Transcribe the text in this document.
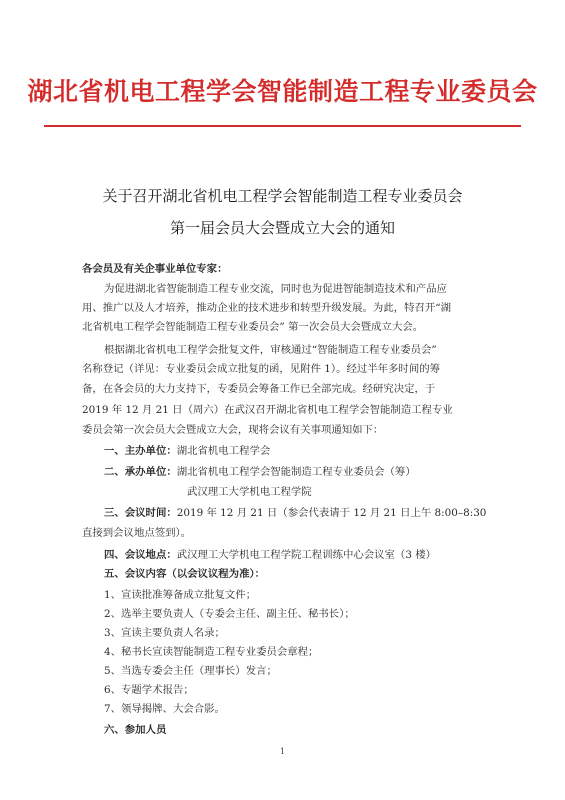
湖北省机电工程学会智能制造工程专业委员会
关于召开湖北省机电工程学会智能制造工程专业委员会
第一届会员大会暨成立大会的通知
各会员及有关企事业单位专家：
为促进湖北省智能制造工程专业交流，同时也为促进智能制造技术和产品应
用、推广以及人才培养，推动企业的技术进步和转型升级发展。为此，特召开“湖
北省机电工程学会智能制造工程专业委员会” 第一次会员大会暨成立大会。
根据湖北省机电工程学会批复文件，审核通过“智能制造工程专业委员会”
名称登记（详见：专业委员会成立批复的函，见附件 1）。经过半年多时间的筹
备，在各会员的大力支持下，专委员会筹备工作已全部完成。经研究决定，于
2019 年 12 月 21 日（周六）在武汉召开湖北省机电工程学会智能制造工程专业
委员会第一次会员大会暨成立大会，现将会议有关事项通知如下：
一、主办单位：湖北省机电工程学会
二、承办单位：湖北省机电工程学会智能制造工程专业委员会（筹）
武汉理工大学机电工程学院
三、会议时间：2019 年 12 月 21 日（参会代表请于 12 月 21 日上午 8:00–8:30
直接到会议地点签到）。
四、会议地点：武汉理工大学机电工程学院工程训练中心会议室（3 楼）
五、会议内容（以会议议程为准）：
1、宣读批准筹备成立批复文件；
2、选举主要负责人（专委会主任、副主任、秘书长）；
3、宣读主要负责人名录；
4、秘书长宣读智能制造工程专业委员会章程；
5、当选专委会主任（理事长）发言；
6、专题学术报告；
7、领导揭牌、大会合影。
六、参加人员
1
